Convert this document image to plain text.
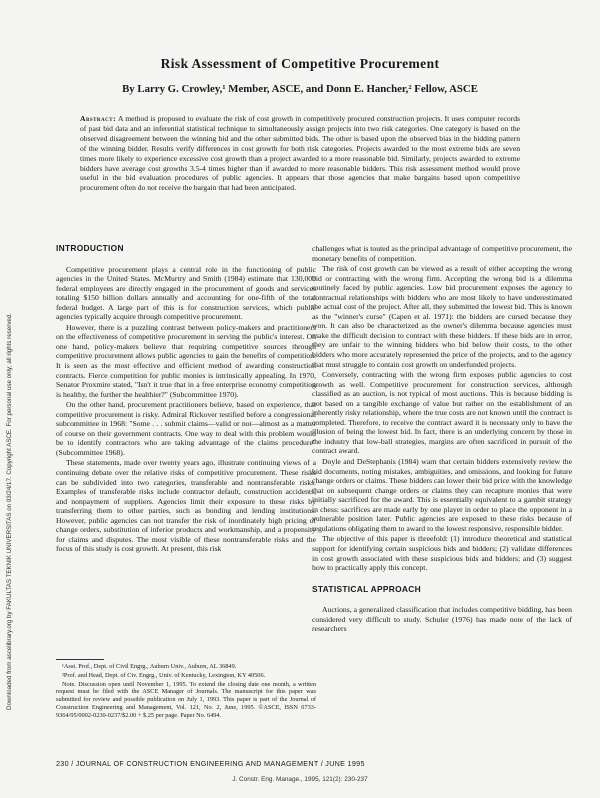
Downloaded from ascelibrary.org by FAKULTAS TEKNIK UNIVERSITAS on 03/24/17. Copyright ASCE. For personal use only; all rights reserved.
Risk Assessment of Competitive Procurement
By Larry G. Crowley,¹ Member, ASCE, and Donn E. Hancher,² Fellow, ASCE
Abstract: A method is proposed to evaluate the risk of cost growth in competitively procured construction projects. It uses computer records of past bid data and an inferential statistical technique to simultaneously assign projects into two risk categories. One category is based on the observed disagreement between the winning bid and the other submitted bids. The other is based upon the observed bias in the bidding pattern of the winning bidder. Results verify differences in cost growth for both risk categories. Projects awarded to the most extreme bids are seven times more likely to experience excessive cost growth than a project awarded to a more reasonable bid. Similarly, projects awarded to extreme bidders have average cost growths 3.5-4 times higher than if awarded to more reasonable bidders. This risk assessment method would prove useful in the bid evaluation procedures of public agencies. It appears that those agencies that make bargains based upon competitive procurement often do not receive the bargain that had been anticipated.
INTRODUCTION

Competitive procurement plays a central role in the functioning of public agencies in the United States. McMurtry and Smith (1984) estimate that 130,000 federal employees are directly engaged in the procurement of goods and services totaling $150 billion dollars annually and accounting for one-fifth of the total federal budget. A large part of this is for construction services, which public agencies typically acquire through competitive procurement.

However, there is a puzzling contrast between policy-makers and practitioners on the effectiveness of competitive procurement in serving the public's interest. On one hand, policy-makers believe that requiring competitive sources through competitive procurement allows public agencies to gain the benefits of competition. It is seen as the most effective and efficient method of awarding construction contracts. Fierce competition for public monies is intrinsically appealing. In 1970, Senator Proxmire stated, "Isn't it true that in a free enterprise economy competition is healthy, the further the healthier?" (Subcommittee 1970).

On the other hand, procurement practitioners believe, based on experience, that competitive procurement is risky. Admiral Rickover testified before a congressional subcommittee in 1968: "Some . . . submit claims—valid or not—almost as a matter of course on their government contracts. One way to deal with this problem would be to identify contractors who are taking advantage of the claims procedure" (Subcommittee 1968).

These statements, made over twenty years ago, illustrate continuing views of a continuing debate over the relative risks of competitive procurement. These risks can be subdivided into two categories, transferable and nontransferable risks. Examples of transferable risks include contractor default, construction accidents, and nonpayment of suppliers. Agencies limit their exposure to these risks by transferring them to other parties, such as bonding and lending institutions. However, public agencies can not transfer the risk of inordinately high pricing of change orders, substitution of inferior products and workmanship, and a propensity for claims and disputes. The most visible of these nontransferable risks and the focus of this study is cost growth. At present, this risk

challenges what is touted as the principal advantage of competitive procurement, the monetary benefits of competition.

The risk of cost growth can be viewed as a result of either accepting the wrong bid or contracting with the wrong firm. Accepting the wrong bid is a dilemma routinely faced by public agencies. Low bid procurement exposes the agency to contractual relationships with bidders who are most likely to have underestimated the actual cost of the project. After all, they submitted the lowest bid. This is known as the "winner's curse" (Capen et al. 1971): the bidders are cursed because they won. It can also be characterized as the owner's dilemma because agencies must make the difficult decision to contract with these bidders. If these bids are in error, they are unfair to the winning bidders who bid below their costs, to the other bidders who more accurately represented the price of the projects, and to the agency that must struggle to contain cost growth on underfunded projects.

Conversely, contracting with the wrong firm exposes public agencies to cost growth as well. Competitive procurement for construction services, although classified as an auction, is not typical of most auctions. This is because bidding is not based on a tangible exchange of value but rather on the establishment of an inherently risky relationship, where the true costs are not known until the contract is completed. Therefore, to receive the contract award it is necessary only to have the illusion of being the lowest bid. In fact, there is an underlying concern by those in the industry that low-ball strategies, margins are often sacrificed in pursuit of the contract award.

Doyle and DeStephanis (1984) warn that certain bidders extensively review the bid documents, noting mistakes, ambiguities, and omissions, and looking for future change orders or claims. These bidders can lower their bid price with the knowledge that on subsequent change orders or claims they can recapture monies that were initially sacrificed for the award. This is essentially equivalent to a gambit strategy in chess: sacrifices are made early by one player in order to place the opponent in a vulnerable position later. Public agencies are exposed to these risks because of regulations obligating them to award to the lowest responsive, responsible bidder.

The objective of this paper is threefold: (1) introduce theoretical and statistical support for identifying certain suspicious bids and bidders; (2) validate differences in cost growth associated with these suspicious bids and bidders; and (3) suggest how to practically apply this concept.

STATISTICAL APPROACH

Auctions, a generalized classification that includes competitive bidding, has been considered very difficult to study. Schuler (1976) has made note of the lack of researchers

¹Asst. Prof., Dept. of Civil Engrg., Auburn Univ., Auburn, AL 36849.

²Prof. and Head, Dept. of Civ. Engrg., Univ. of Kentucky, Lexington, KY 40506.

Note. Discussion open until November 1, 1995. To extend the closing date one month, a written request must be filed with the ASCE Manager of Journals. The manuscript for this paper was submitted for review and possible publication on July 1, 1993. This paper is part of the Journal of Construction Engineering and Management, Vol. 121, No. 2, June, 1995. ©ASCE, ISSN 0733-9364/95/0002-0230-0237/$2.00 + $.25 per page. Paper No. 6494.

230 / JOURNAL OF CONSTRUCTION ENGINEERING AND MANAGEMENT / JUNE 1995
J. Constr. Eng. Manage., 1995, 121(2): 230-237
